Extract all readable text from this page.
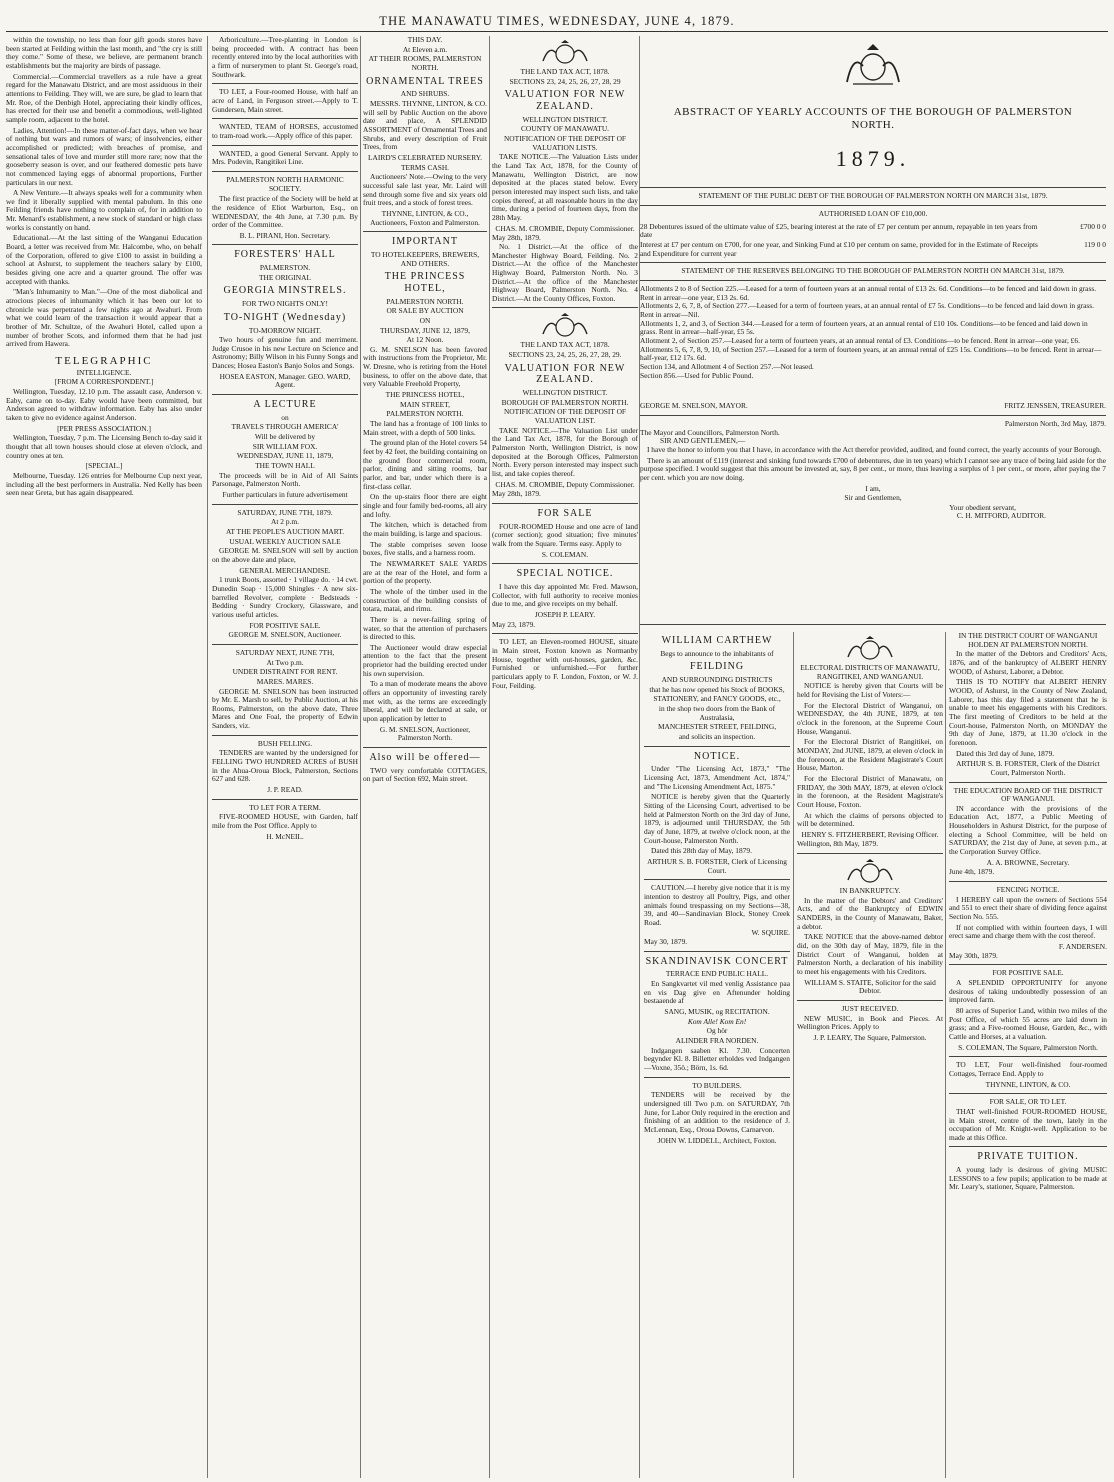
THE MANAWATU TIMES, WEDNESDAY, JUNE 4, 1879.

within the township, no less than four gift goods stores have been started at Feilding within the last month, and "the cry is still they come." Some of these, we believe, are permanent branch establishments but the majority are birds of passage.

Commercial.—Commercial travellers as a rule have a great regard for the Manawatu District, and are most assiduous in their attentions to Feilding. They will, we are sure, be glad to learn that Mr. Roe, of the Denbigh Hotel, appreciating their kindly offices, has erected for their use and benefit a commodious, well-lighted sample room, adjacent to the hotel.

Ladies, Attention!—In these matter-of-fact days, when we hear of nothing but wars and rumors of wars; of insolvencies, either accomplished or predicted; with breaches of promise, and sensational tales of love and murder still more rare; now that the gooseberry season is over, and our feathered domestic pets have not commenced laying eggs of abnormal proportions, Further particulars in our next.

A New Venture.—It always speaks well for a community when we find it liberally supplied with mental pabulum. In this one Feilding friends have nothing to complain of, for in addition to Mr. Menard's establishment, a new stock of standard or high class works is constantly on hand.

Educational.—At the last sitting of the Wanganui Education Board, a letter was received from Mr. Halcombe, who, on behalf of the Corporation, offered to give £100 to assist in building a school at Ashurst, to supplement the teachers salary by £100, besides giving one acre and a quarter ground. The offer was accepted with thanks.

"Man's Inhumanity to Man."—One of the most diabolical and atrocious pieces of inhumanity which it has been our lot to chronicle was perpetrated a few nights ago at Awahuri. From what we could learn of the transaction it would appear that a brother of Mr. Schultze, of the Awahuri Hotel, called upon a number of brother Scots, and informed them that he had just arrived from Hawera.

TELEGRAPHIC
INTELLIGENCE.
[FROM A CORRESPONDENT.]

Wellington, Tuesday, 12.10 p.m. The assault case, Anderson v. Eaby, came on to-day. Eaby would have been committed, but Anderson agreed to withdraw information. Eaby has also under taken to give no evidence against Anderson.

[PER PRESS ASSOCIATION.]

Wellington, Tuesday, 7 p.m. The Licensing Bench to-day said it thought that all town houses should close at eleven o'clock, and country ones at ten.

[SPECIAL.]

Melbourne, Tuesday. 126 entries for Melbourne Cup next year, including all the best performers in Australia. Ned Kelly has been seen near Greta, but has again disappeared.

Arboriculture.—Tree-planting in London is being proceeded with. A contract has been recently entered into by the local authorities with a firm of nurserymen to plant St. George's road, Southwark.

TO LET, a Four-roomed House, with half an acre of Land, in Ferguson street.—Apply to T. Gundersen, Main street.

WANTED, TEAM of HORSES, accustomed to tram-road work.—Apply office of this paper.

WANTED, a good General Servant. Apply to Mrs. Podevin, Rangitikei Line.

PALMERSTON NORTH HARMONIC SOCIETY.

The first practice of the Society will be held at the residence of Eliot Warburton, Esq., on WEDNESDAY, the 4th June, at 7.30 p.m. By order of the Committee.

B. L. PIRANI, Hon. Secretary.
FORESTERS' HALL
PALMERSTON.
THE ORIGINAL
GEORGIA MINSTRELS.
FOR TWO NIGHTS ONLY!
TO-NIGHT (Wednesday)
TO-MORROW NIGHT.

Two hours of genuine fun and merriment. Judge Crusoe in his new Lecture on Science and Astronomy; Billy Wilson in his Funny Songs and Dances; Hosea Easton's Banjo Solos and Songs.

HOSEA EASTON, Manager. GEO. WARD, Agent.
A LECTURE
on
TRAVELS THROUGH AMERICA'
Will be delivered by
SIR WILLIAM FOX.
WEDNESDAY, JUNE 11, 1879,
THE TOWN HALL

The proceeds will be in Aid of All Saints Parsonage, Palmerston North.

Further particulars in future advertisement
SATURDAY, JUNE 7TH, 1879.
At 2 p.m.
AT THE PEOPLE'S AUCTION MART.
USUAL WEEKLY AUCTION SALE

GEORGE M. SNELSON will sell by auction on the above date and place,

GENERAL MERCHANDISE.

1 trunk Boots, assorted · 1 village do. · 14 cwt. Dunedin Soap · 15,000 Shingles · A new six-barrelled Revolver, complete · Bedsteads · Bedding · Sundry Crockery, Glassware, and various useful articles.

FOR POSITIVE SALE.
GEORGE M. SNELSON, Auctioneer.
SATURDAY NEXT, JUNE 7TH,
At Two p.m.
UNDER DISTRAINT FOR RENT.
MARES. MARES.

GEORGE M. SNELSON has been instructed by Mr. E. Marsh to sell, by Public Auction, at his Rooms, Palmerston, on the above date, Three Mares and One Foal, the property of Edwin Sanders, viz.

BUSH FELLING.

TENDERS are wanted by the undersigned for FELLING TWO HUNDRED ACRES of BUSH in the Ahua-Oroua Block, Palmerston, Sections 627 and 628.

J. P. READ.
TO LET FOR A TERM.

FIVE-ROOMED HOUSE, with Garden, half mile from the Post Office. Apply to

H. McNEIL.
THIS DAY.
At Eleven a.m.
AT THEIR ROOMS, PALMERSTON NORTH.
ORNAMENTAL TREES
AND SHRUBS.

MESSRS. THYNNE, LINTON, & CO. will sell by Public Auction on the above date and place, A SPLENDID ASSORTMENT of Ornamental Trees and Shrubs, and every description of Fruit Trees, from

LAIRD'S CELEBRATED NURSERY.
TERMS CASH.

Auctioneers' Note.—Owing to the very successful sale last year, Mr. Laird will send through some five and six years old fruit trees, and a stock of forest trees.

THYNNE, LINTON, & CO., Auctioneers, Foxton and Palmerston.
IMPORTANT
TO HOTELKEEPERS, BREWERS, AND OTHERS.
THE PRINCESS HOTEL,
PALMERSTON NORTH.
OR SALE BY AUCTION
ON
THURSDAY, JUNE 12, 1879,
At 12 Noon.

G. M. SNELSON has been favored with instructions from the Proprietor, Mr. W. Dresne, who is retiring from the Hotel business, to offer on the above date, that very Valuable Freehold Property,

THE PRINCESS HOTEL,
MAIN STREET,
PALMERSTON NORTH.

The land has a frontage of 100 links to Main street, with a depth of 500 links.

The ground plan of the Hotel covers 54 feet by 42 feet, the building containing on the ground floor commercial room, parlor, dining and sitting rooms, bar parlor, and bar, under which there is a first-class cellar.

On the up-stairs floor there are eight single and four family bed-rooms, all airy and lofty.

The kitchen, which is detached from the main building, is large and spacious.

The stable comprises seven loose boxes, five stalls, and a harness room.

The NEWMARKET SALE YARDS are at the rear of the Hotel, and form a portion of the property.

The whole of the timber used in the construction of the building consists of totara, matai, and rimu.

There is a never-failing spring of water, so that the attention of purchasers is directed to this.

The Auctioneer would draw especial attention to the fact that the present proprietor had the building erected under his own supervision.

To a man of moderate means the above offers an opportunity of investing rarely met with, as the terms are exceedingly liberal, and will be declared at sale, or upon application by letter to

G. M. SNELSON, Auctioneer, Palmerston North.
Also will be offered—

TWO very comfortable COTTAGES, on part of Section 692, Main street.

THE LAND TAX ACT, 1878.
SECTIONS 23, 24, 25, 26, 27, 28, 29
VALUATION FOR NEW ZEALAND.
WELLINGTON DISTRICT.
COUNTY OF MANAWATU.
NOTIFICATION OF THE DEPOSIT OF VALUATION LISTS.

TAKE NOTICE.—The Valuation Lists under the Land Tax Act, 1878, for the County of Manawatu, Wellington District, are now deposited at the places stated below. Every person interested may inspect such lists, and take copies thereof, at all reasonable hours in the day time, during a period of fourteen days, from the 28th May.

CHAS. M. CROMBIE, Deputy Commissioner.
May 28th, 1879.

No. 1 District.—At the office of the Manchester Highway Board, Feilding. No. 2 District.—At the office of the Manchester Highway Board, Palmerston North. No. 3 District.—At the office of the Manchester Highway Board, Palmerston North. No. 4 District.—At the County Offices, Foxton.

THE LAND TAX ACT, 1878.
SECTIONS 23, 24, 25, 26, 27, 28, 29.
VALUATION FOR NEW ZEALAND.
WELLINGTON DISTRICT.
BOROUGH OF PALMERSTON NORTH.
NOTIFICATION OF THE DEPOSIT OF VALUATION LIST.

TAKE NOTICE.—The Valuation List under the Land Tax Act, 1878, for the Borough of Palmerston North, Wellington District, is now deposited at the Borough Offices, Palmerston North. Every person interested may inspect such list, and take copies thereof.

CHAS. M. CROMBIE, Deputy Commissioner.
May 28th, 1879.
FOR SALE

FOUR-ROOMED House and one acre of land (corner section); good situation; five minutes' walk from the Square. Terms easy. Apply to

S. COLEMAN.
SPECIAL NOTICE.

I have this day appointed Mr. Fred. Mawson, Collector, with full authority to receive monies due to me, and give receipts on my behalf.

JOSEPH P. LEARY.
May 23, 1879.

TO LET, an Eleven-roomed HOUSE, situate in Main street, Foxton known as Normanby House, together with out-houses, garden, &c. Furnished or unfurnished.—For further particulars apply to F. London, Foxton, or W. J. Four, Feilding.

ABSTRACT OF YEARLY ACCOUNTS OF THE BOROUGH OF PALMERSTON
NORTH.
1879.
STATEMENT OF THE PUBLIC DEBT OF THE BOROUGH OF PALMERSTON NORTH ON MARCH 31st, 1879.
AUTHORISED LOAN OF £10,000.
28 Debentures issued of the ultimate value of £25, bearing interest at the rate of £7 per centum per annum, repayable in ten years from date
£700 0 0
Interest at £7 per centum on £700, for one year, and Sinking Fund at £10 per centum on same, provided for in the Estimate of Receipts and Expenditure for current year
119 0 0
STATEMENT OF THE RESERVES BELONGING TO THE BOROUGH OF PALMERSTON NORTH ON MARCH 31st, 1879.
Allotments 2 to 8 of Section 225.—Leased for a term of fourteen years at an annual rental of £13 2s. 6d. Conditions—to be fenced and laid down in grass. Rent in arrear—one year, £13 2s. 6d.
Allotments 2, 6, 7, 8, of Section 277.—Leased for a term of fourteen years, at an annual rental of £7 5s. Conditions—to be fenced and laid down in grass. Rent in arrear—Nil.
Allotments 1, 2, and 3, of Section 344.—Leased for a term of fourteen years, at an annual rental of £10 10s. Conditions—to be fenced and laid down in grass. Rent in arrear—half-year, £5 5s.
Allotment 2, of Section 257.—Leased for a term of fourteen years, at an annual rental of £3. Conditions—to be fenced. Rent in arrear—one year, £6.
Allotments 5, 6, 7, 8, 9, 10, of Section 257.—Leased for a term of fourteen years, at an annual rental of £25 15s. Conditions—to be fenced. Rent in arrear—half-year, £12 17s. 6d.
Section 134, and Allotment 4 of Section 257.—Not leased.
Section 856.—Used for Public Pound.
GEORGE M. SNELSON, MAYOR.	FRITZ JENSSEN, TREASURER.
Palmerston North, 3rd May, 1879.
The Mayor and Councillors, Palmerston North.
SIR AND GENTLEMEN,—

I have the honor to inform you that I have, in accordance with the Act therefor provided, audited, and found correct, the yearly accounts of your Borough.

There is an amount of £119 (interest and sinking fund towards £700 of debentures, due in ten years) which I cannot see any trace of being laid aside for the purpose specified. I would suggest that this amount be invested at, say, 8 per cent., or more, thus leaving a surplus of 1 per cent., or more, after paying the 7 per cent. which you are now doing.

I am,
Sir and Gentlemen,
Your obedient servant,
C. H. MITFORD, AUDITOR.
WILLIAM CARTHEW
Begs to announce to the inhabitants of
FEILDING
AND SURROUNDING DISTRICTS
that he has now opened his Stock of BOOKS,
STATIONERY, and FANCY GOODS, etc.,
in the shop two doors from the Bank of Australasia,
MANCHESTER STREET, FEILDING,
and solicits an inspection.
NOTICE.

Under "The Licensing Act, 1873," "The Licensing Act, 1873, Amendment Act, 1874," and "The Licensing Amendment Act, 1875."

NOTICE is hereby given that the Quarterly Sitting of the Licensing Court, advertised to be held at Palmerston North on the 3rd day of June, 1879, is adjourned until THURSDAY, the 5th day of June, 1879, at twelve o'clock noon, at the Court-house, Palmerston North.

Dated this 28th day of May, 1879.

ARTHUR S. B. FORSTER, Clerk of Licensing Court.

CAUTION.—I hereby give notice that it is my intention to destroy all Poultry, Pigs, and other animals found trespassing on my Sections—38, 39, and 40—Sandinavian Block, Stoney Creek Road.

W. SQUIRE.
May 30, 1879.
SKANDINAVISK CONCERT
TERRACE END PUBLIC HALL.

En Sangkvartet vil med venlig Assistance paa en vis Dag give en Aftenunder holding bestaaende af

SANG, MUSIK, og RECITATION.
Kom Alle! Kom En!
Og hör
ALINDER FRA NORDEN.

Indgangen saaben Kl. 7.30. Concerten begynder Kl. 8. Billetter erholdes ved Indgangen—Voxne, 35ö.; Börn, 1s. 6d.

TO BUILDERS.

TENDERS will be received by the undersigned till Two p.m. on SATURDAY, 7th June, for Labor Only required in the erection and finishing of an addition to the residence of J. McLennan, Esq., Oroua Downs, Carnarvon.

JOHN W. LIDDELL, Architect, Foxton.
ELECTORAL DISTRICTS OF MANAWATU, RANGITIKEI, AND WANGANUI.

NOTICE is hereby given that Courts will be held for Revising the List of Voters:—

For the Electoral District of Wanganui, on WEDNESDAY, the 4th JUNE, 1879, at ten o'clock in the forenoon, at the Supreme Court House, Wanganui.

For the Electoral District of Rangitikei, on MONDAY, 2nd JUNE, 1879, at eleven o'clock in the forenoon, at the Resident Magistrate's Court House, Marton.

For the Electoral District of Manawatu, on FRIDAY, the 30th MAY, 1879, at eleven o'clock in the forenoon, at the Resident Magistrate's Court House, Foxton.

At which the claims of persons objected to will be determined.

HENRY S. FITZHERBERT, Revising Officer.
Wellington, 8th May, 1879.
IN BANKRUPTCY.

In the matter of the Debtors' and Creditors' Acts, and of the Bankruptcy of EDWIN SANDERS, in the County of Manawatu, Baker, a debtor.

TAKE NOTICE that the above-named debtor did, on the 30th day of May, 1879, file in the District Court of Wanganui, holden at Palmerston North, a declaration of his inability to meet his engagements with his Creditors.

WILLIAM S. STAITE, Solicitor for the said Debtor.
JUST RECEIVED.

NEW MUSIC, in Book and Pieces. At Wellington Prices. Apply to

J. P. LEARY, The Square, Palmerston.
IN THE DISTRICT COURT OF WANGANUI HOLDEN AT PALMERSTON NORTH.

In the matter of the Debtors and Creditors' Acts, 1876, and of the bankruptcy of ALBERT HENRY WOOD, of Ashurst, Laborer, a Debtor.

THIS IS TO NOTIFY that ALBERT HENRY WOOD, of Ashurst, in the County of New Zealand, Laborer, has this day filed a statement that he is unable to meet his engagements with his Creditors. The first meeting of Creditors to be held at the Court-house, Palmerston North, on MONDAY the 9th day of June, 1879, at 11.30 o'clock in the forenoon.

Dated this 3rd day of June, 1879.

ARTHUR S. B. FORSTER, Clerk of the District Court, Palmerston North.
THE EDUCATION BOARD OF THE DISTRICT OF WANGANUI.

IN accordance with the provisions of the Education Act, 1877, a Public Meeting of Householders in Ashurst District, for the purpose of electing a School Committee, will be held on SATURDAY, the 21st day of June, at seven p.m., at the Corporation Survey Office.

A. A. BROWNE, Secretary.
June 4th, 1879.
FENCING NOTICE.

I HEREBY call upon the owners of Sections 554 and 551 to erect their share of dividing fence against Section No. 555.

If not complied with within fourteen days, I will erect same and charge them with the cost thereof.

F. ANDERSEN.
May 30th, 1879.
FOR POSITIVE SALE.

A SPLENDID OPPORTUNITY for anyone desirous of taking undoubtedly possession of an improved farm.

80 acres of Superior Land, within two miles of the Post Office, of which 55 acres are laid down in grass; and a Five-roomed House, Garden, &c., with Cattle and Horses, at a valuation.

S. COLEMAN, The Square, Palmerston North.

TO LET, Four well-finished four-roomed Cottages, Terrace End. Apply to

THYNNE, LINTON, & CO.
FOR SALE, OR TO LET.

THAT well-finished FOUR-ROOMED HOUSE, in Main street, centre of the town, lately in the occupation of Mr. Knight-well. Application to be made at this Office.

PRIVATE TUITION.

A young lady is desirous of giving MUSIC LESSONS to a few pupils; application to be made at Mr. Leary's, stationer, Square, Palmerston.
